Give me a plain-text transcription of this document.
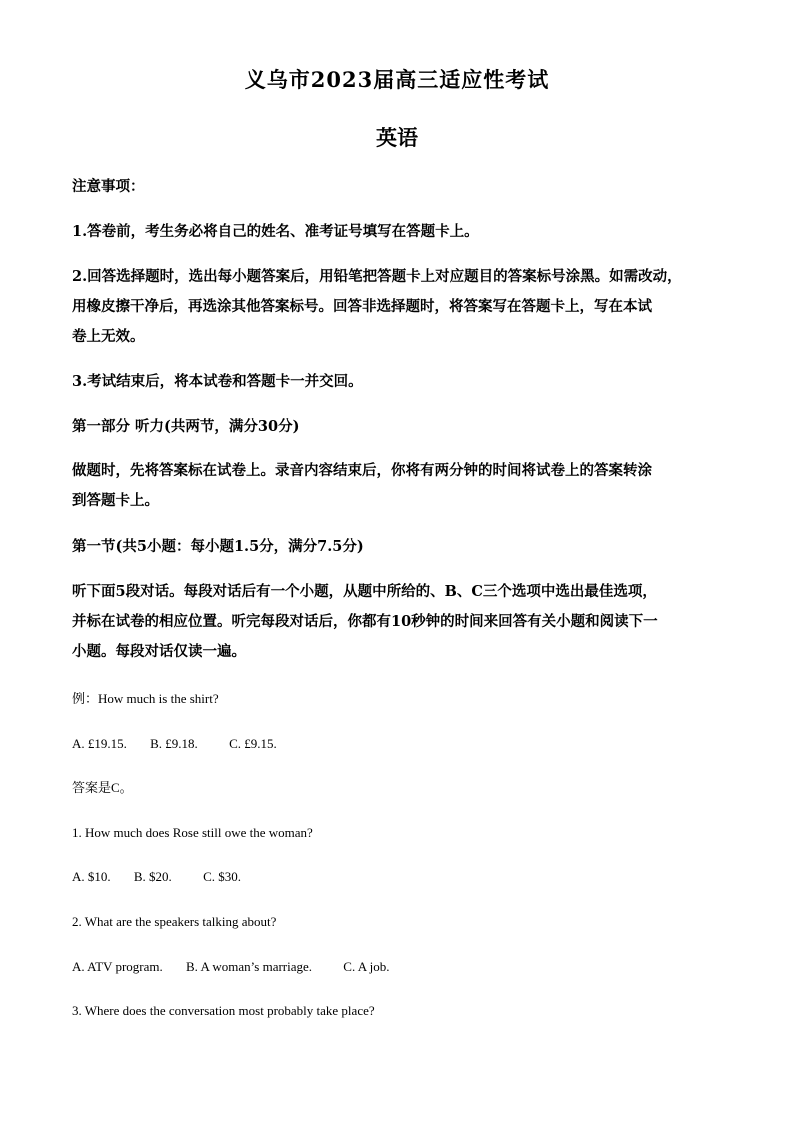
义乌市2023届高三适应性考试
英语
注意事项：
1.答卷前，考生务必将自己的姓名、准考证号填写在答题卡上。
2.回答选择题时，选出每小题答案后，用铅笔把答题卡上对应题目的答案标号涂黑。如需改动，
用橡皮擦干净后，再选涂其他答案标号。回答非选择题时，将答案写在答题卡上，写在本试
卷上无效。
3.考试结束后，将本试卷和答题卡一并交回。
第一部分 听力(共两节，满分30分)
做题时，先将答案标在试卷上。录音内容结束后，你将有两分钟的时间将试卷上的答案转涂
到答题卡上。
第一节(共5小题：每小题1.5分，满分7.5分)
听下面5段对话。每段对话后有一个小题，从题中所给的、B、C三个选项中选出最佳选项，
并标在试卷的相应位置。听完每段对话后，你都有10秒钟的时间来回答有关小题和阅读下一
小题。每段对话仅读一遍。
例：How much is the shirt?
A. £19.15. B. £9.18. C. £9.15.
答案是C。
1. How much does Rose still owe the woman?
A. $10. B. $20. C. $30.
2. What are the speakers talking about?
A. ATV program. B. A woman’s marriage. C. A job.
3. Where does the conversation most probably take place?
